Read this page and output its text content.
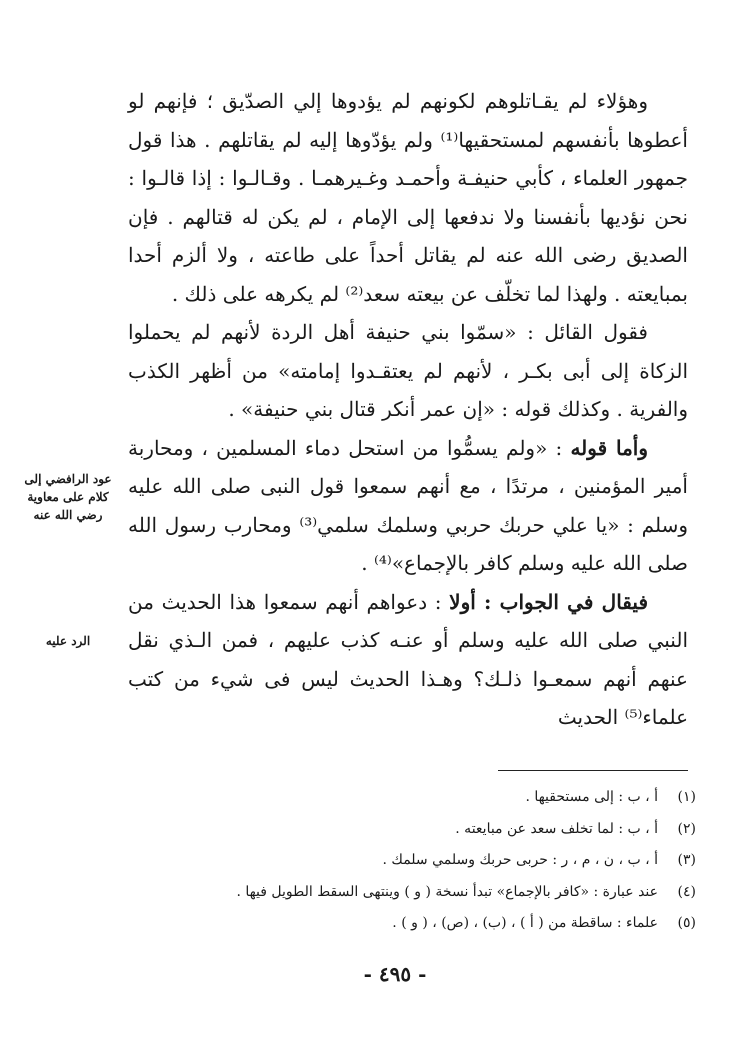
وهؤلاء لم يقـاتلوهم لكونهم لم يؤدوها إلي الصدّيق ؛ فإنهم لو أعطوها بأنفسهم لمستحقيها⁽¹⁾ ولم يؤدّوها إليه لم يقاتلهم . هذا قول جمهور العلماء ، كأبي حنيفـة وأحمـد وغـيرهمـا . وقـالـوا : إذا قالـوا : نحن نؤديها بأنفسنا ولا ندفعها إلى الإمام ، لم يكن له قتالهم . فإن الصديق رضى الله عنه لم يقاتل أحداً على طاعته ، ولا ألزم أحدا بمبايعته . ولهذا لما تخلّف عن بيعته سعد⁽²⁾ لم يكرهه على ذلك .

فقول القائل : «سمّوا بني حنيفة أهل الردة لأنهم لم يحملوا الزكاة إلى أبى بكـر ، لأنهم لم يعتقـدوا إمامته» من أظهر الكذب والفرية . وكذلك قوله : «إن عمر أنكر قتال بني حنيفة» .

وأما قوله : «ولم يسمُّوا من استحل دماء المسلمين ، ومحاربة أمير المؤمنين ، مرتدًا ، مع أنهم سمعوا قول النبى صلى الله عليه وسلم : «يا علي حربك حربي وسلمك سلمي⁽³⁾ ومحارب رسول الله صلى الله عليه وسلم كافر بالإجماع»⁽⁴⁾ .

فيقال في الجواب : أولا : دعواهم أنهم سمعوا هذا الحديث من النبي صلى الله عليه وسلم أو عنـه كذب عليهم ، فمن الـذي نقل عنهم أنهم سمعـوا ذلـك؟ وهـذا الحديث ليس فى شيء من كتب علماء⁽⁵⁾ الحديث

عود الرافضي إلى كلام على معاوية رضي الله عنه
الرد عليه
(١)أ ، ب : إلى مستحقيها .
(٢)أ ، ب : لما تخلف سعد عن مبايعته .
(٣)أ ، ب ، ن ، م ، ر : حربى حربك وسلمي سلمك .
(٤)عند عبارة : «كافر بالإجماع» تبدأ نسخة ( و ) وينتهى السقط الطويل فيها .
(٥)علماء : ساقطة من ( أ ) ، (ب) ، (ص) ، ( و ) .
- ٤٩٥ -
